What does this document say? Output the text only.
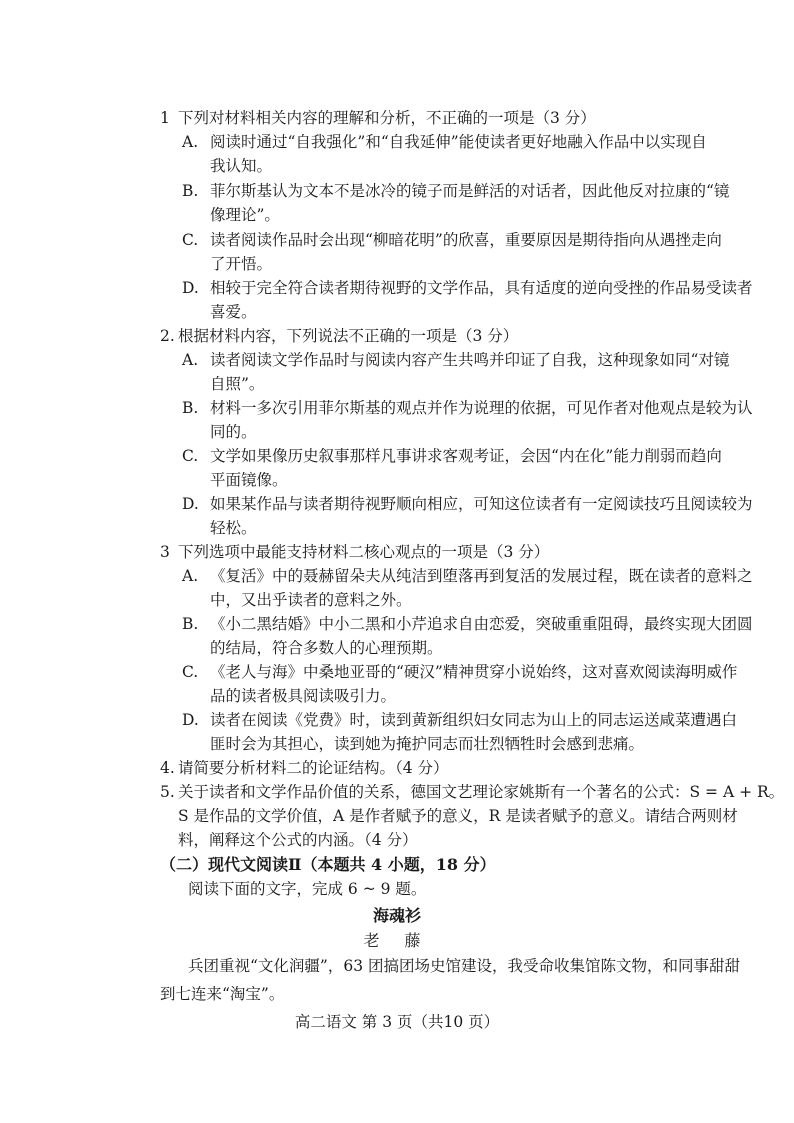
1 下列对材料相关内容的理解和分析，不正确的一项是（3 分）
A. 阅读时通过“自我强化”和“自我延伸”能使读者更好地融入作品中以实现自
我认知。
B. 菲尔斯基认为文本不是冰冷的镜子而是鲜活的对话者，因此他反对拉康的“镜
像理论”。
C. 读者阅读作品时会出现“柳暗花明”的欣喜，重要原因是期待指向从遇挫走向
了开悟。
D. 相较于完全符合读者期待视野的文学作品，具有适度的逆向受挫的作品易受读者
喜爱。
2. 根据材料内容，下列说法不正确的一项是（3 分）
A. 读者阅读文学作品时与阅读内容产生共鸣并印证了自我，这种现象如同“对镜
自照”。
B. 材料一多次引用菲尔斯基的观点并作为说理的依据，可见作者对他观点是较为认
同的。
C. 文学如果像历史叙事那样凡事讲求客观考证，会因“内在化”能力削弱而趋向
平面镜像。
D. 如果某作品与读者期待视野顺向相应，可知这位读者有一定阅读技巧且阅读较为
轻松。
3 下列选项中最能支持材料二核心观点的一项是（3 分）
A. 《复活》中的聂赫留朵夫从纯洁到堕落再到复活的发展过程，既在读者的意料之
中，又出乎读者的意料之外。
B. 《小二黑结婚》中小二黑和小芹追求自由恋爱，突破重重阻碍，最终实现大团圆
的结局，符合多数人的心理预期。
C. 《老人与海》中桑地亚哥的“硬汉”精神贯穿小说始终，这对喜欢阅读海明威作
品的读者极具阅读吸引力。
D. 读者在阅读《党费》时，读到黄新组织妇女同志为山上的同志运送咸菜遭遇白
匪时会为其担心，读到她为掩护同志而壮烈牺牲时会感到悲痛。
4. 请简要分析材料二的论证结构。（4 分）
5. 关于读者和文学作品价值的关系，德国文艺理论家姚斯有一个著名的公式：S = A + R。
S 是作品的文学价值，A 是作者赋予的意义，R 是读者赋予的意义。请结合两则材
料，阐释这个公式的内涵。（4 分）
（二）现代文阅读Ⅱ（本题共 4 小题，18 分）
阅读下面的文字，完成 6 ~ 9 题。
海魂衫
老 藤
兵团重视“文化润疆”，63 团搞团场史馆建设，我受命收集馆陈文物，和同事甜甜
到七连来“淘宝”。
高二语文 第 3 页（共10 页）
